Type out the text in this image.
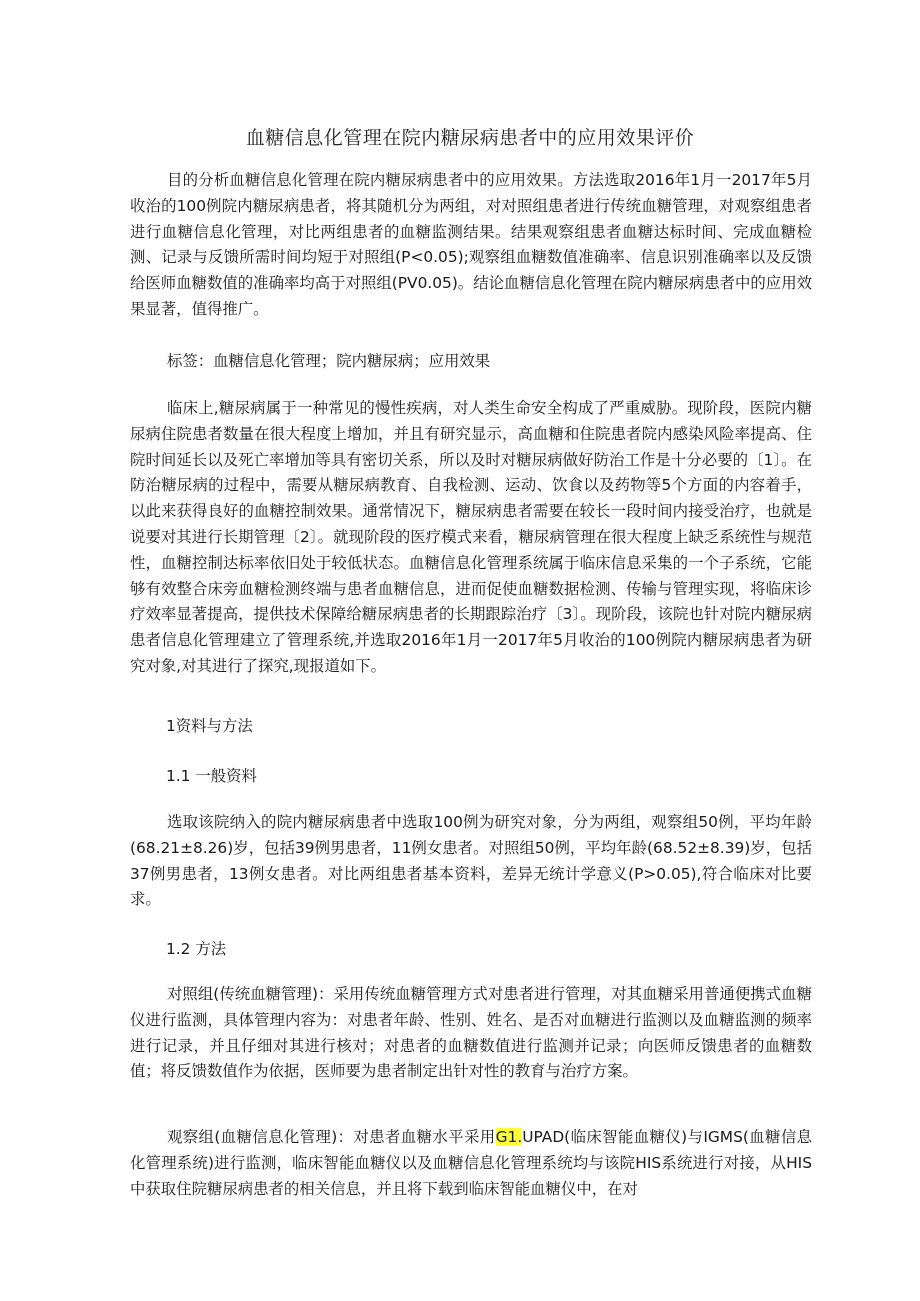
血糖信息化管理在院内糖尿病患者中的应用效果评价

目的分析血糖信息化管理在院内糖尿病患者中的应用效果。方法选取2016年1月一2017年5月收治的100例院内糖尿病患者，将其随机分为两组，对对照组患者进行传统血糖管理，对观察组患者进行血糖信息化管理，对比两组患者的血糖监测结果。结果观察组患者血糖达标时间、完成血糖检测、记录与反馈所需时间均短于对照组(P<0.05);观察组血糖数值准确率、信息识别准确率以及反馈给医师血糖数值的准确率均高于对照组(PV0.05)。结论血糖信息化管理在院内糖尿病患者中的应用效果显著，值得推广。

标签：血糖信息化管理；院内糖尿病；应用效果

临床上,糖尿病属于一种常见的慢性疾病，对人类生命安全构成了严重威胁。现阶段，医院内糖尿病住院患者数量在很大程度上增加，并且有研究显示，高血糖和住院患者院内感染风险率提高、住院时间延长以及死亡率增加等具有密切关系，所以及时对糖尿病做好防治工作是十分必要的〔1〕。在防治糖尿病的过程中，需要从糖尿病教育、自我检测、运动、饮食以及药物等5个方面的内容着手，以此来获得良好的血糖控制效果。通常情况下，糖尿病患者需要在较长一段时间内接受治疗，也就是说要对其进行长期管理〔2〕。就现阶段的医疗模式来看，糖尿病管理在很大程度上缺乏系统性与规范性，血糖控制达标率依旧处于较低状态。血糖信息化管理系统属于临床信息采集的一个子系统，它能够有效整合床旁血糖检测终端与患者血糖信息，进而促使血糖数据检测、传输与管理实现，将临床诊疗效率显著提高，提供技术保障给糖尿病患者的长期跟踪治疗〔3〕。现阶段，该院也针对院内糖尿病患者信息化管理建立了管理系统,并选取2016年1月一2017年5月收治的100例院内糖尿病患者为研究对象,对其进行了探究,现报道如下。

1资料与方法
1.1 一般资料

选取该院纳入的院内糖尿病患者中选取100例为研究对象，分为两组，观察组50例，平均年龄(68.21±8.26)岁，包括39例男患者，11例女患者。对照组50例，平均年龄(68.52±8.39)岁，包括37例男患者，13例女患者。对比两组患者基本资料，差异无统计学意义(P>0.05),符合临床对比要求。

1.2 方法

对照组(传统血糖管理)：采用传统血糖管理方式对患者进行管理，对其血糖采用普通便携式血糖仪进行监测，具体管理内容为：对患者年龄、性别、姓名、是否对血糖进行监测以及血糖监测的频率进行记录，并且仔细对其进行核对；对患者的血糖数值进行监测并记录；向医师反馈患者的血糖数值；将反馈数值作为依据，医师要为患者制定出针对性的教育与治疗方案。

观察组(血糖信息化管理)：对患者血糖水平采用G1.UPAD(临床智能血糖仪)与IGMS(血糖信息化管理系统)进行监测，临床智能血糖仪以及血糖信息化管理系统均与该院HIS系统进行对接，从HIS中获取住院糖尿病患者的相关信息，并且将下载到临床智能血糖仪中，在对
